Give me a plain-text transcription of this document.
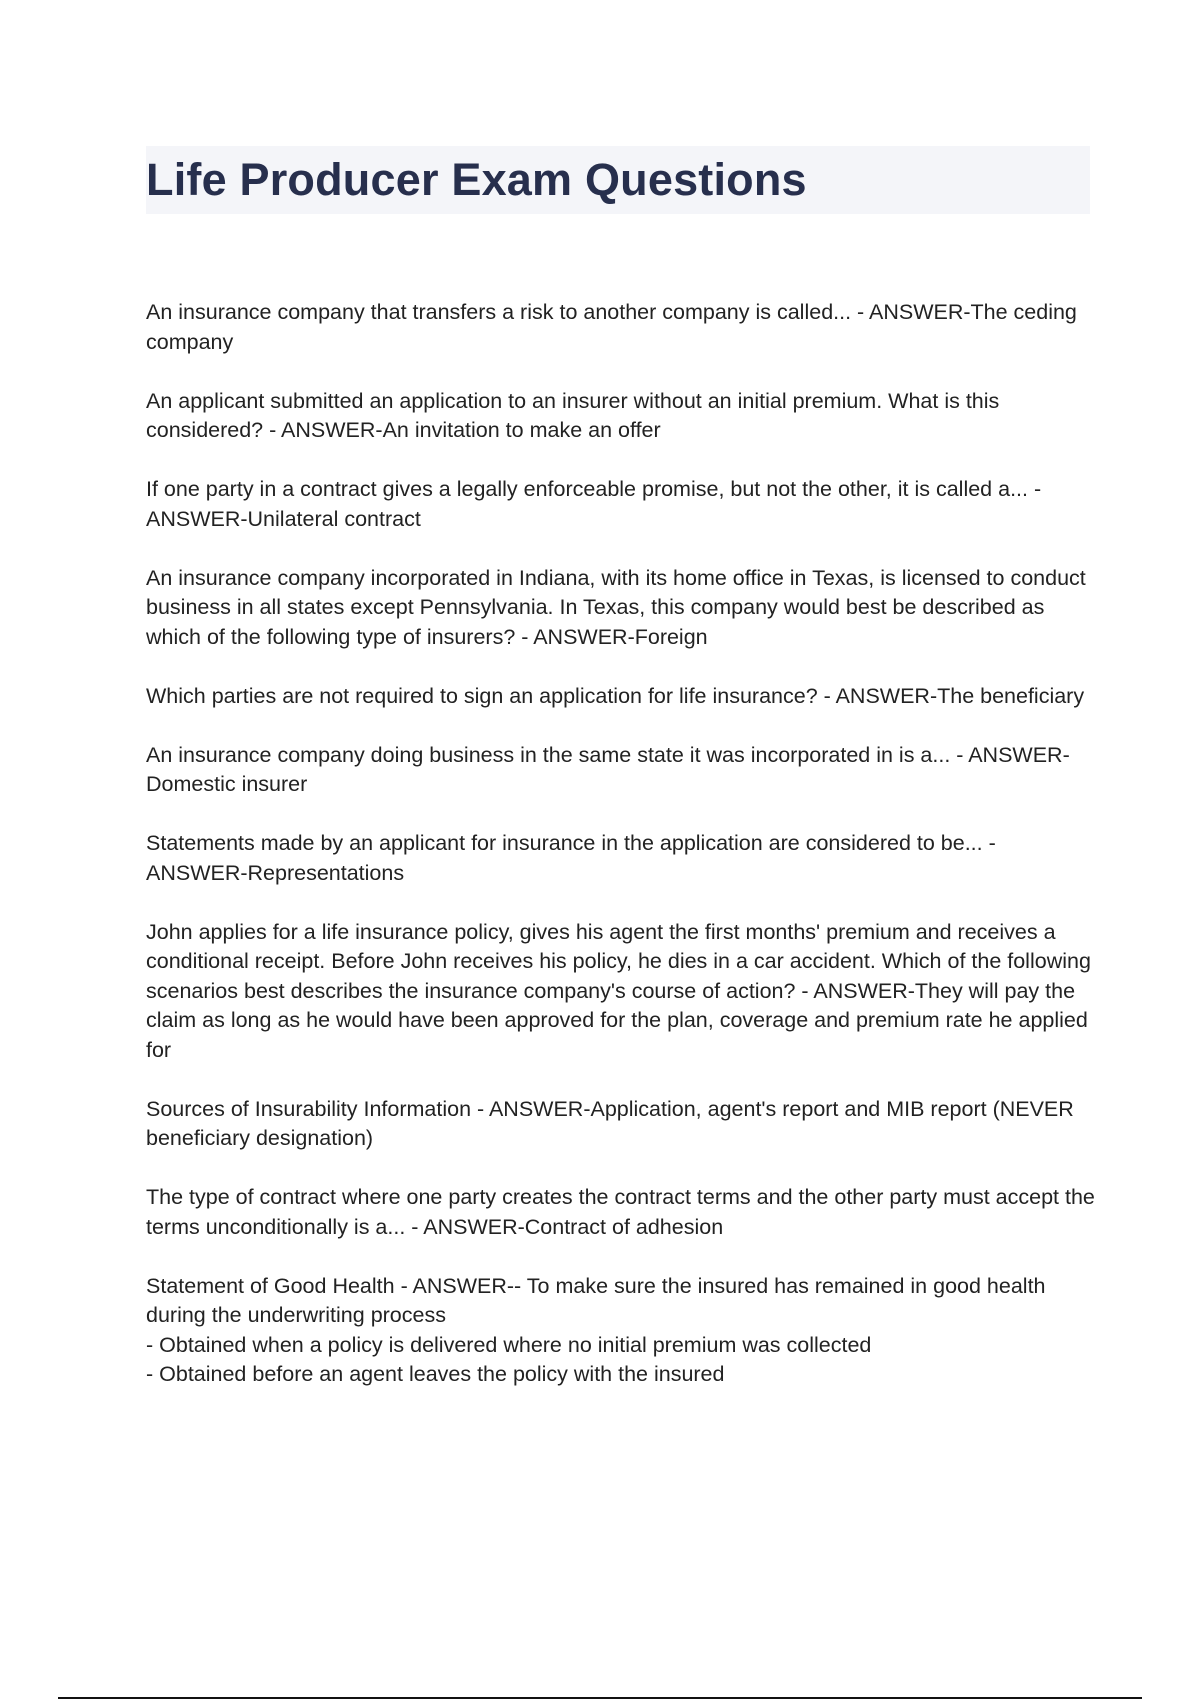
Life Producer Exam Questions
An insurance company that transfers a risk to another company is called... - ANSWER-The ceding company
An applicant submitted an application to an insurer without an initial premium. What is this considered? - ANSWER-An invitation to make an offer
If one party in a contract gives a legally enforceable promise, but not the other, it is called a... - ANSWER-Unilateral contract
An insurance company incorporated in Indiana, with its home office in Texas, is licensed to conduct business in all states except Pennsylvania. In Texas, this company would best be described as which of the following type of insurers? - ANSWER-Foreign
Which parties are not required to sign an application for life insurance? - ANSWER-The beneficiary
An insurance company doing business in the same state it was incorporated in is a... - ANSWER-Domestic insurer
Statements made by an applicant for insurance in the application are considered to be... - ANSWER-Representations
John applies for a life insurance policy, gives his agent the first months' premium and receives a conditional receipt. Before John receives his policy, he dies in a car accident. Which of the following scenarios best describes the insurance company's course of action? - ANSWER-They will pay the claim as long as he would have been approved for the plan, coverage and premium rate he applied for
Sources of Insurability Information - ANSWER-Application, agent's report and MIB report (NEVER beneficiary designation)
The type of contract where one party creates the contract terms and the other party must accept the terms unconditionally is a... - ANSWER-Contract of adhesion
Statement of Good Health - ANSWER-- To make sure the insured has remained in good health during the underwriting process
- Obtained when a policy is delivered where no initial premium was collected
- Obtained before an agent leaves the policy with the insured
